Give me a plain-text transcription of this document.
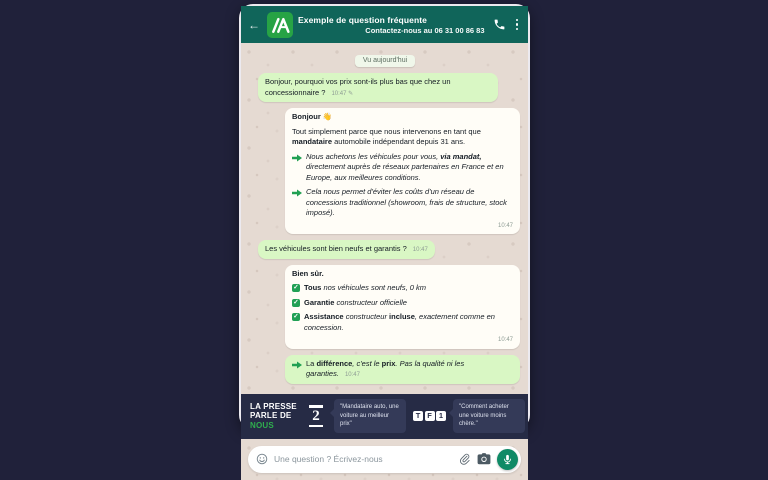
←	Exemple de question fréquente
Contactez-nous au 06 31 00 86 83
Vu aujourd'hui
Bonjour, pourquoi vos prix sont-ils plus bas que chez un concessionnaire ? 10:47 ✎
Bonjour 👋
Tout simplement parce que nous intervenons en tant que mandataire automobile indépendant depuis 31 ans.
Nous achetons les véhicules pour vous, via mandat, directement auprès de réseaux partenaires en France et en Europe, aux meilleures conditions.
Cela nous permet d'éviter les coûts d'un réseau de concessions traditionnel (showroom, frais de structure, stock imposé).
10:47
Les véhicules sont bien neufs et garantis ? 10:47
Bien sûr.
✓ Tous nos véhicules sont neufs, 0 km
✓ Garantie constructeur officielle
✓ Assistance constructeur incluse, exactement comme en concession.
10:47
La différence, c'est le prix. Pas la qualité ni les garanties. 10:47
LA PRESSE
PARLE DE
NOUS
2
"Mandataire auto, une voiture au meilleur prix"
T F 1
"Comment acheter une voiture moins chère."
Une question ? Écrivez-nous
